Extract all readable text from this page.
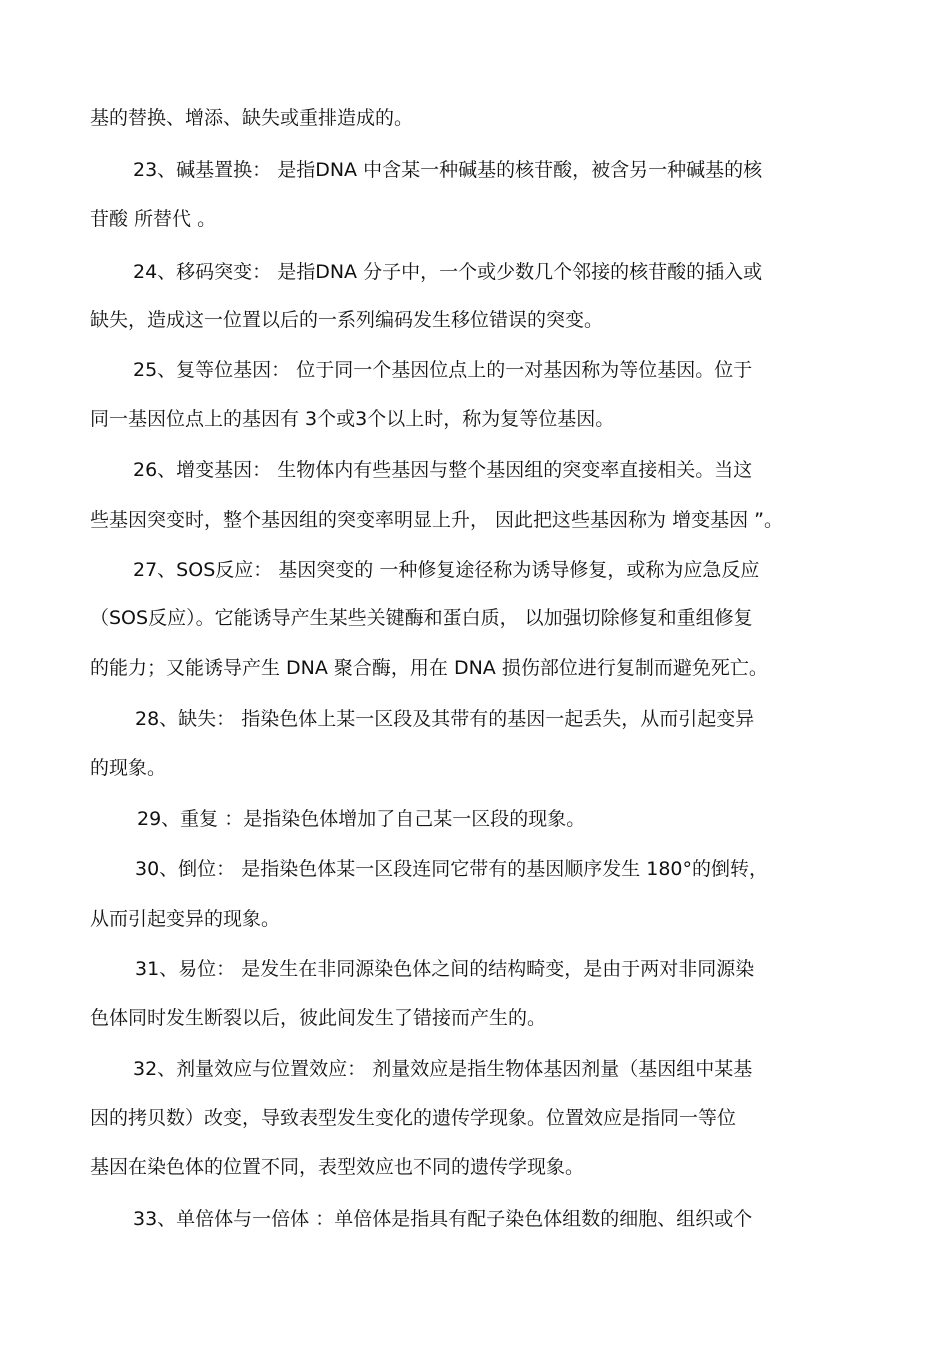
基的替换、增添、缺失或重排造成的。
23、碱基置换： 是指DNA 中含某一种碱基的核苷酸，被含另一种碱基的核
苷酸 所替代 。
24、移码突变： 是指DNA 分子中，一个或少数几个邻接的核苷酸的插入或
缺失，造成这一位置以后的一系列编码发生移位错误的突变。
25、复等位基因： 位于同一个基因位点上的一对基因称为等位基因。位于
同一基因位点上的基因有 3个或3个以上时，称为复等位基因。
26、增变基因： 生物体内有些基因与整个基因组的突变率直接相关。当这
些基因突变时，整个基因组的突变率明显上升， 因此把这些基因称为 增变基因 ”。
27、SOS反应： 基因突变的 一种修复途径称为诱导修复，或称为应急反应
（SOS反应）。它能诱导产生某些关键酶和蛋白质， 以加强切除修复和重组修复
的能力；又能诱导产生 DNA 聚合酶，用在 DNA 损伤部位进行复制而避免死亡。
28、缺失： 指染色体上某一区段及其带有的基因一起丢失，从而引起变异
的现象。
29、重复 ：是指染色体增加了自己某一区段的现象。
30、倒位： 是指染色体某一区段连同它带有的基因顺序发生 180°的倒转，
从而引起变异的现象。
31、易位： 是发生在非同源染色体之间的结构畸变，是由于两对非同源染
色体同时发生断裂以后，彼此间发生了错接而产生的。
32、剂量效应与位置效应： 剂量效应是指生物体基因剂量（基因组中某基
因的拷贝数）改变，导致表型发生变化的遗传学现象。位置效应是指同一等位
基因在染色体的位置不同，表型效应也不同的遗传学现象。
33、单倍体与一倍体 ：单倍体是指具有配子染色体组数的细胞、组织或个
